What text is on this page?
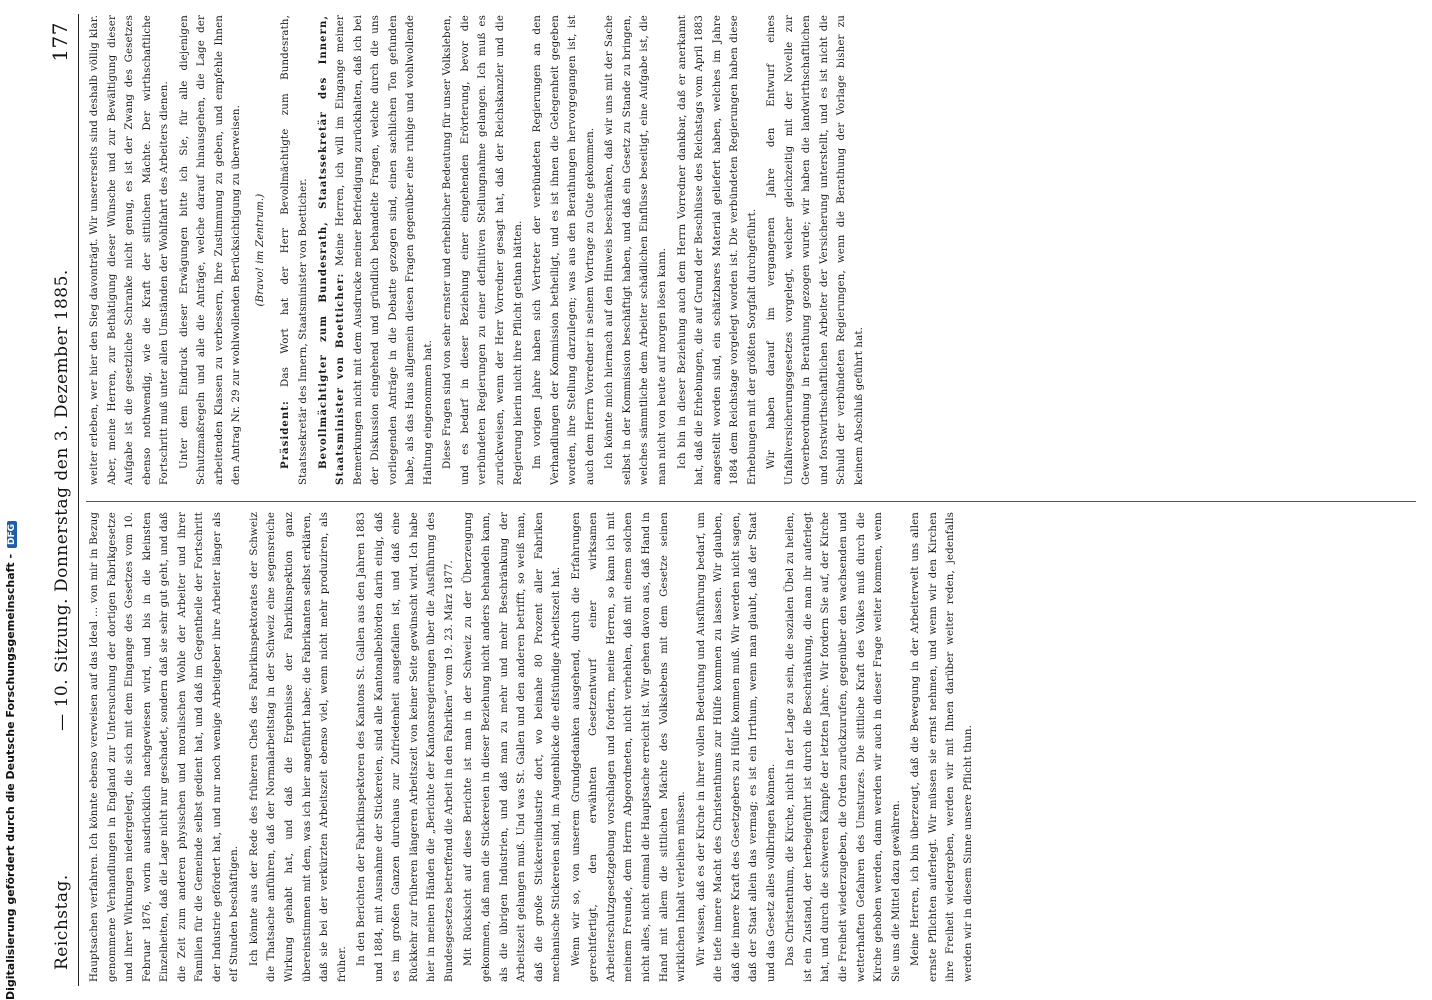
Reichstag.
— 10. Sitzung. Donnerstag den 3. Dezember 1885.
177

Hauptsachen verfahren. Ich könnte ebenso verweisen auf das Ideal ... von mir in Bezug genommene Verhandlungen in England zur Untersuchung der dortigen Fabrikgesetze und ihrer Wirkungen niedergelegt, die sich mit dem Eingange des Gesetzes vom 10. Februar 1876, worin ausdrücklich nachgewiesen wird, und bis in die kleinsten Einzelheiten, daß die Lage nicht nur geschadet, sondern daß sie sehr gut geht, und daß die Zeit zum anderen physischen und moralischen Wohle der Arbeiter und ihrer Familien für die Gemeinde selbst gedient hat, und daß im Gegentheile der Fortschritt der Industrie gefördert hat, und nur noch wenige Arbeitgeber ihre Arbeiter länger als elf Stunden beschäftigen. Ich könnte aus der Rede des früheren Chefs des Fabrikinspektorates der Schweiz die Thatsache anführen, daß der Normalarbeitstag in der Schweiz eine segensreiche Wirkung gehabt hat, und daß die Ergebnisse der Fabrikinspektion ganz übereinstimmen mit dem, was ich hier angeführt habe; die Fabrikanten selbst erklären, daß sie bei der verkürzten Arbeitszeit ebenso viel, wenn nicht mehr produziren, als früher. In den Berichten der Fabrikinspektoren des Kantons St. Gallen aus den Jahren 1883 und 1884, mit Ausnahme der Stickereien, sind alle Kantonalbehörden darin einig, daß es im großen Ganzen durchaus zur Zufriedenheit ausgefallen ist, und daß eine Rückkehr zur früheren längeren Arbeitszeit von keiner Seite gewünscht wird. Ich habe hier in meinen Händen die „Berichte der Kantonsregierungen über die Ausführung des Bundesgesetzes betreffend die Arbeit in den Fabriken“ vom 19. 23. März 1877. Mit Rücksicht auf diese Berichte ist man in der Schweiz zu der Überzeugung gekommen, daß man die Stickereien in dieser Beziehung nicht anders behandeln kann, als die übrigen Industrien, und daß man zu mehr und mehr Beschränkung der Arbeitszeit gelangen muß. Und was St. Gallen und den anderen betrifft, so weiß man, daß die große Stickereiindustrie dort, wo beinahe 80 Prozent aller Fabriken mechanische Stickereien sind, im Augenblicke die elfstündige Arbeitszeit hat. Wenn wir so, von unserem Grundgedanken ausgehend, durch die Erfahrungen gerechtfertigt, den erwähnten Gesetzentwurf einer wirksamen Arbeiterschutzgesetzgebung vorschlagen und fordern, meine Herren, so kann ich mit meinem Freunde, dem Herrn Abgeordneten, nicht verhehlen, daß mit einem solchen nicht alles, nicht einmal die Hauptsache erreicht ist. Wir gehen davon aus, daß Hand in Hand mit allem die sittlichen Mächte des Volkslebens mit dem Gesetze seinen wirklichen Inhalt verleihen müssen. Wir wissen, daß es der Kirche in ihrer vollen Bedeutung und Ausführung bedarf, um die tiefe innere Macht des Christenthums zur Hülfe kommen zu lassen. Wir glauben, daß die innere Kraft des Gesetzgebers zu Hülfe kommen muß. Wir werden nicht sagen, daß der Staat allein das vermag; es ist ein Irrthum, wenn man glaubt, daß der Staat und das Gesetz alles vollbringen können. Das Christenthum, die Kirche, nicht in der Lage zu sein, die sozialen Übel zu heilen, ist ein Zustand, der herbeigeführt ist durch die Beschränkung, die man ihr auferlegt hat, und durch die schweren Kämpfe der letzten Jahre. Wir fordern Sie auf, der Kirche die Freiheit wiederzugeben, die Orden zurückzurufen, gegenüber den wachsenden und wetterhaften Gefahren des Umsturzes. Die sittliche Kraft des Volkes muß durch die Kirche gehoben werden, dann werden wir auch in dieser Frage weiter kommen, wenn Sie uns die Mittel dazu gewähren. Meine Herren, ich bin überzeugt, daß die Bewegung in der Arbeiterwelt uns allen ernste Pflichten auferlegt. Wir müssen sie ernst nehmen, und wenn wir den Kirchen ihre Freiheit wiedergeben, werden wir mit Ihnen darüber weiter reden, jedenfalls werden wir in diesem Sinne unsere Pflicht thun.

weiter erleben, wer hier den Sieg davonträgt. Wir unsererseits sind deshalb völlig klar. Aber, meine Herren, zur Bethätigung dieser Wünsche und zur Bewältigung dieser Aufgabe ist die gesetzliche Schranke nicht genug, es ist der Zwang des Gesetzes ebenso nothwendig, wie die Kraft der sittlichen Mächte. Der wirthschaftliche Fortschritt muß unter allen Umständen der Wohlfahrt des Arbeiters dienen. Unter dem Eindruck dieser Erwägungen bitte ich Sie, für alle diejenigen Schutzmaßregeln und alle die Anträge, welche darauf hinausgehen, die Lage der arbeitenden Klassen zu verbessern, Ihre Zustimmung zu geben, und empfehle Ihnen den Antrag Nr. 29 zur wohlwollenden Berücksichtigung zu überweisen.	(Bravo! im Zentrum.)

Präsident: Das Wort hat der Herr Bevollmächtigte zum Bundesrath, Staatssekretär des Innern, Staatsminister von Boetticher. Bevollmächtigter zum Bundesrath, Staatssekretär des Innern, Staatsminister von Boetticher: Meine Herren, ich will im Eingange meiner Bemerkungen nicht mit dem Ausdrucke meiner Befriedigung zurückhalten, daß ich bei der Diskussion eingehend und gründlich behandelte Fragen, welche durch die uns vorliegenden Anträge in die Debatte gezogen sind, einen sachlichen Ton gefunden habe, als das Haus allgemein diesen Fragen gegenüber eine ruhige und wohlwollende Haltung eingenommen hat. Diese Fragen sind von sehr ernster und erheblicher Bedeutung für unser Volksleben, und es bedarf in dieser Beziehung einer eingehenden Erörterung, bevor die verbündeten Regierungen zu einer definitiven Stellungnahme gelangen. Ich muß es zurückweisen, wenn der Herr Vorredner gesagt hat, daß der Reichskanzler und die Regierung hierin nicht ihre Pflicht gethan hätten. Im vorigen Jahre haben sich Vertreter der verbündeten Regierungen an den Verhandlungen der Kommission betheiligt, und es ist ihnen die Gelegenheit gegeben worden, ihre Stellung darzulegen; was aus den Berathungen hervorgegangen ist, ist auch dem Herrn Vorredner in seinem Vortrage zu Gute gekommen. Ich könnte mich hiernach auf den Hinweis beschränken, daß wir uns mit der Sache selbst in der Kommission beschäftigt haben, und daß ein Gesetz zu Stande zu bringen, welches sämmtliche dem Arbeiter schädlichen Einflüsse beseitigt, eine Aufgabe ist, die man nicht von heute auf morgen lösen kann. Ich bin in dieser Beziehung auch dem Herrn Vorredner dankbar, daß er anerkannt hat, daß die Erhebungen, die auf Grund der Beschlüsse des Reichstags vom April 1883 angestellt worden sind, ein schätzbares Material geliefert haben, welches im Jahre 1884 dem Reichstage vorgelegt worden ist. Die verbündeten Regierungen haben diese Erhebungen mit der größten Sorgfalt durchgeführt. Wir haben darauf im vergangenen Jahre den Entwurf eines Unfallversicherungsgesetzes vorgelegt, welcher gleichzeitig mit der Novelle zur Gewerbeordnung in Berathung gezogen wurde; wir haben die landwirthschaftlichen und forstwirthschaftlichen Arbeiter der Versicherung unterstellt, und es ist nicht die Schuld der verbündeten Regierungen, wenn die Berathung der Vorlage bisher zu keinem Abschluß geführt hat.

Digitalisierung gefördert durch die Deutsche Forschungsgemeinschaft -DFG
